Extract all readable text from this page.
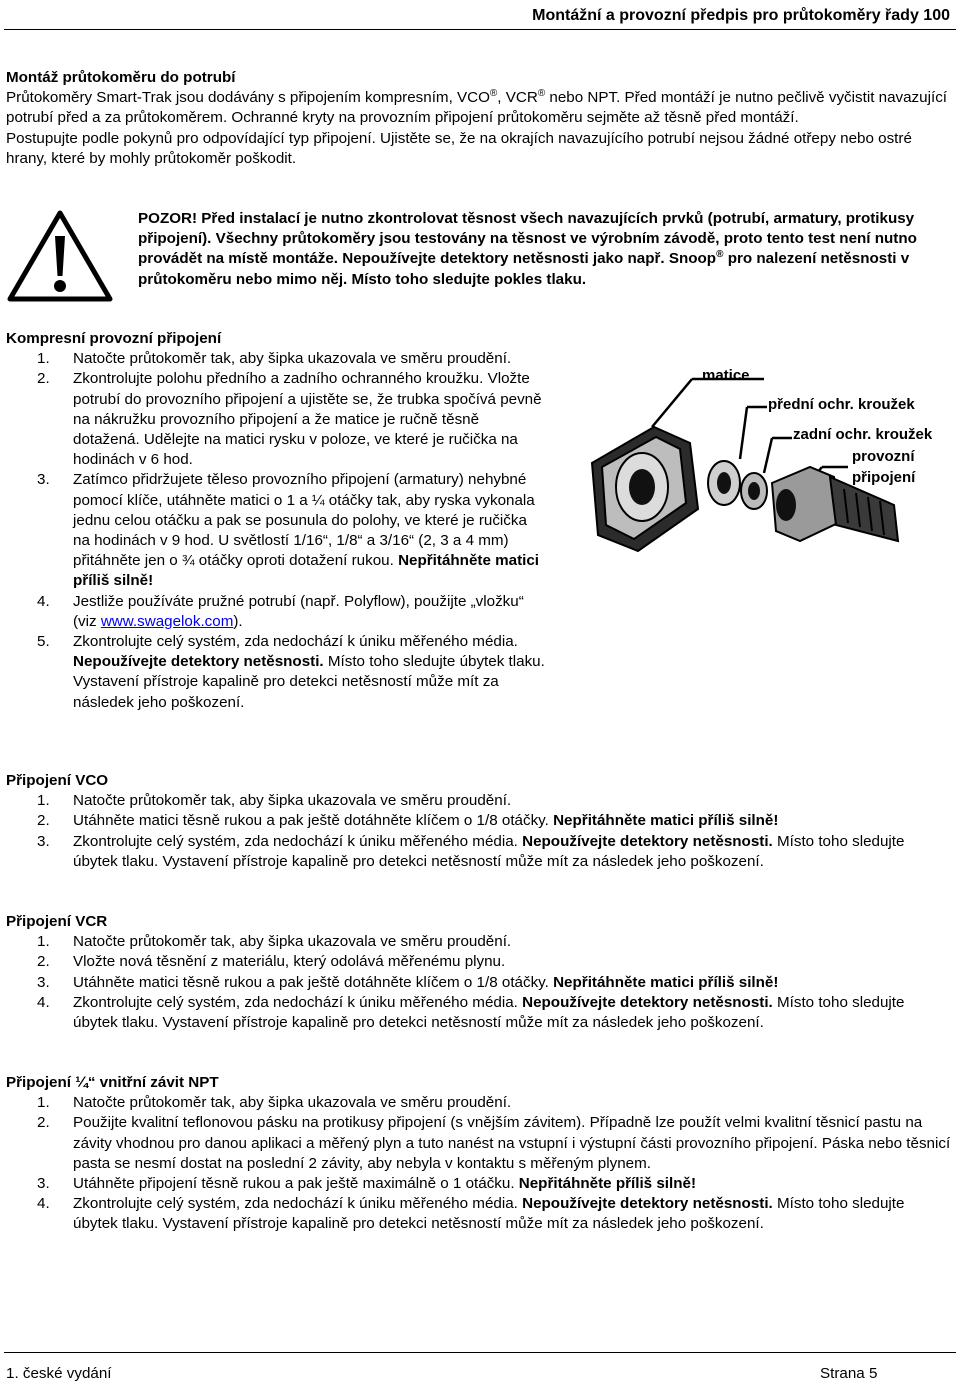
Montážní a provozní předpis pro průtokoměry řady 100
Montáž průtokoměru do potrubí
Průtokoměry Smart-Trak jsou dodávány s připojením kompresním, VCO®, VCR® nebo NPT. Před montáží je nutno pečlivě vyčistit navazující potrubí před a za průtokoměrem. Ochranné kryty na provozním připojení průtokoměru sejměte až těsně před montáží.
Postupujte podle pokynů pro odpovídající typ připojení. Ujistěte se, že na okrajích navazujícího potrubí nejsou žádné otřepy nebo ostré hrany, které by mohly průtokoměr poškodit.
POZOR! Před instalací je nutno zkontrolovat těsnost všech navazujících prvků (potrubí, armatury, protikusy připojení). Všechny průtokoměry jsou testovány na těsnost ve výrobním závodě, proto tento test není nutno provádět na místě montáže. Nepoužívejte detektory netěsnosti jako např. Snoop® pro nalezení netěsnosti v průtokoměru nebo mimo něj. Místo toho sledujte pokles tlaku.
Kompresní provozní připojení
1. Natočte průtokoměr tak, aby šipka ukazovala ve směru proudění.
2. Zkontrolujte polohu předního a zadního ochranného kroužku. Vložte potrubí do provozního připojení a ujistěte se, že trubka spočívá pevně na nákružku provozního připojení a že matice je ručně těsně dotažená. Udělejte na matici rysku v poloze, ve které je ručička na hodinách v 6 hod.
3. Zatímco přidržujete těleso provozního připojení (armatury) nehybné pomocí klíče, utáhněte matici o 1 a ¼ otáčky tak, aby ryska vykonala jednu celou otáčku a pak se posunula do polohy, ve které je ručička na hodinách v 9 hod. U světlostí 1/16“, 1/8“ a 3/16“ (2, 3 a 4 mm) přitáhněte jen o ¾ otáčky oproti dotažení rukou. Nepřitáhněte matici příliš silně!
4. Jestliže používáte pružné potrubí (např. Polyflow), použijte „vložku“ (viz www.swagelok.com).
5. Zkontrolujte celý systém, zda nedochází k úniku měřeného média. Nepoužívejte detektory netěsnosti. Místo toho sledujte úbytek tlaku. Vystavení přístroje kapalině pro detekci netěsností může mít za následek jeho poškození.
matice
přední ochr. kroužek
zadní ochr. kroužek
provozní
připojení
Připojení VCO
1. Natočte průtokoměr tak, aby šipka ukazovala ve směru proudění.
2. Utáhněte matici těsně rukou a pak ještě dotáhněte klíčem o 1/8 otáčky. Nepřitáhněte matici příliš silně!
3. Zkontrolujte celý systém, zda nedochází k úniku měřeného média. Nepoužívejte detektory netěsnosti. Místo toho sledujte úbytek tlaku. Vystavení přístroje kapalině pro detekci netěsností může mít za následek jeho poškození.
Připojení VCR
1. Natočte průtokoměr tak, aby šipka ukazovala ve směru proudění.
2. Vložte nová těsnění z materiálu, který odolává měřenému plynu.
3. Utáhněte matici těsně rukou a pak ještě dotáhněte klíčem o 1/8 otáčky. Nepřitáhněte matici příliš silně!
4. Zkontrolujte celý systém, zda nedochází k úniku měřeného média. Nepoužívejte detektory netěsnosti. Místo toho sledujte úbytek tlaku. Vystavení přístroje kapalině pro detekci netěsností může mít za následek jeho poškození.
Připojení ¼“ vnitřní závit NPT
1. Natočte průtokoměr tak, aby šipka ukazovala ve směru proudění.
2. Použijte kvalitní teflonovou pásku na protikusy připojení (s vnějším závitem). Případně lze použít velmi kvalitní těsnicí pastu na závity vhodnou pro danou aplikaci a měřený plyn a tuto nanést na vstupní i výstupní části provozního připojení. Páska nebo těsnicí pasta se nesmí dostat na poslední 2 závity, aby nebyla v kontaktu s měřeným plynem.
3. Utáhněte připojení těsně rukou a pak ještě maximálně o 1 otáčku. Nepřitáhněte příliš silně!
4. Zkontrolujte celý systém, zda nedochází k úniku měřeného média. Nepoužívejte detektory netěsnosti. Místo toho sledujte úbytek tlaku. Vystavení přístroje kapalině pro detekci netěsností může mít za následek jeho poškození.
1. české vydání	Strana 5
